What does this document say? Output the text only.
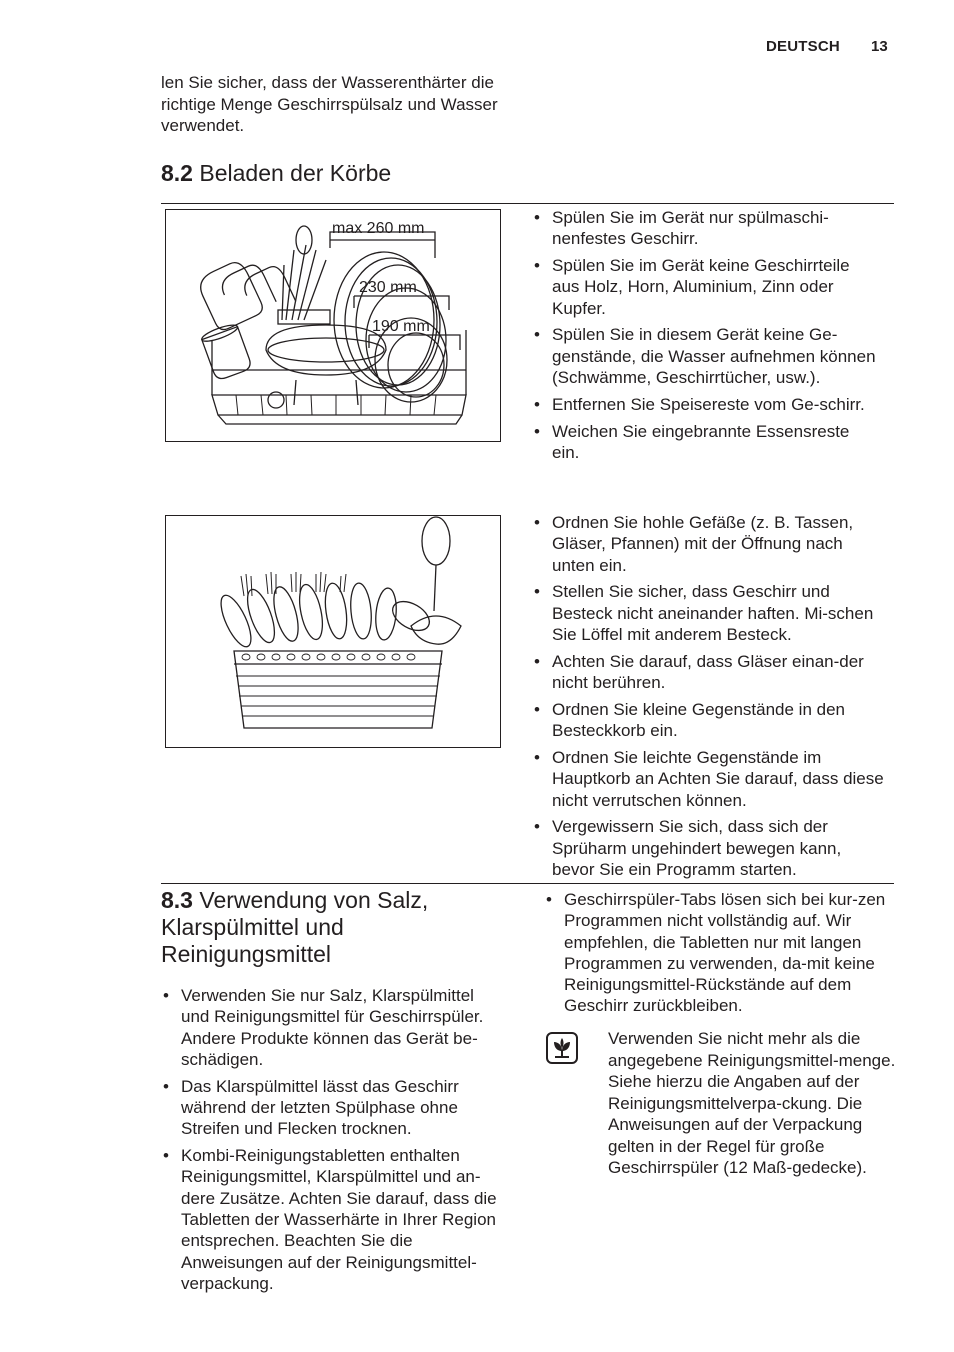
DEUTSCH 13
len Sie sicher, dass der Wasserenthärter die richtige Menge Geschirrspülsalz und Wasser verwendet.
8.2 Beladen der Körbe
max 260 mm
230 mm
190 mm
• Spülen Sie im Gerät nur spülmaschi-nenfestes Geschirr.
• Spülen Sie im Gerät keine Geschirrteile aus Holz, Horn, Aluminium, Zinn oder Kupfer.
• Spülen Sie in diesem Gerät keine Ge-genstände, die Wasser aufnehmen können (Schwämme, Geschirrtücher, usw.).
• Entfernen Sie Speisereste vom Ge-schirr.
• Weichen Sie eingebrannte Essensreste ein.
• Ordnen Sie hohle Gefäße (z. B. Tassen, Gläser, Pfannen) mit der Öffnung nach unten ein.
• Stellen Sie sicher, dass Geschirr und Besteck nicht aneinander haften. Mi-schen Sie Löffel mit anderem Besteck.
• Achten Sie darauf, dass Gläser einan-der nicht berühren.
• Ordnen Sie kleine Gegenstände in den Besteckkorb ein.
• Ordnen Sie leichte Gegenstände im Hauptkorb an Achten Sie darauf, dass diese nicht verrutschen können.
• Vergewissern Sie sich, dass sich der Sprüharm ungehindert bewegen kann, bevor Sie ein Programm starten.
8.3 Verwendung von Salz, Klarspülmittel und Reinigungsmittel
• Verwenden Sie nur Salz, Klarspülmittel und Reinigungsmittel für Geschirrspüler. Andere Produkte können das Gerät be-schädigen.
• Das Klarspülmittel lässt das Geschirr während der letzten Spülphase ohne Streifen und Flecken trocknen.
• Kombi-Reinigungstabletten enthalten Reinigungsmittel, Klarspülmittel und an-dere Zusätze. Achten Sie darauf, dass die Tabletten der Wasserhärte in Ihrer Region entsprechen. Beachten Sie die Anweisungen auf der Reinigungsmittel-verpackung.
• Geschirrspüler-Tabs lösen sich bei kur-zen Programmen nicht vollständig auf. Wir empfehlen, die Tabletten nur mit langen Programmen zu verwenden, da-mit keine Reinigungsmittel-Rückstände auf dem Geschirr zurückbleiben.
Verwenden Sie nicht mehr als die angegebene Reinigungsmittel-menge. Siehe hierzu die Angaben auf der Reinigungsmittelverpa-ckung. Die Anweisungen auf der Verpackung gelten in der Regel für große Geschirrspüler (12 Maß-gedecke).
